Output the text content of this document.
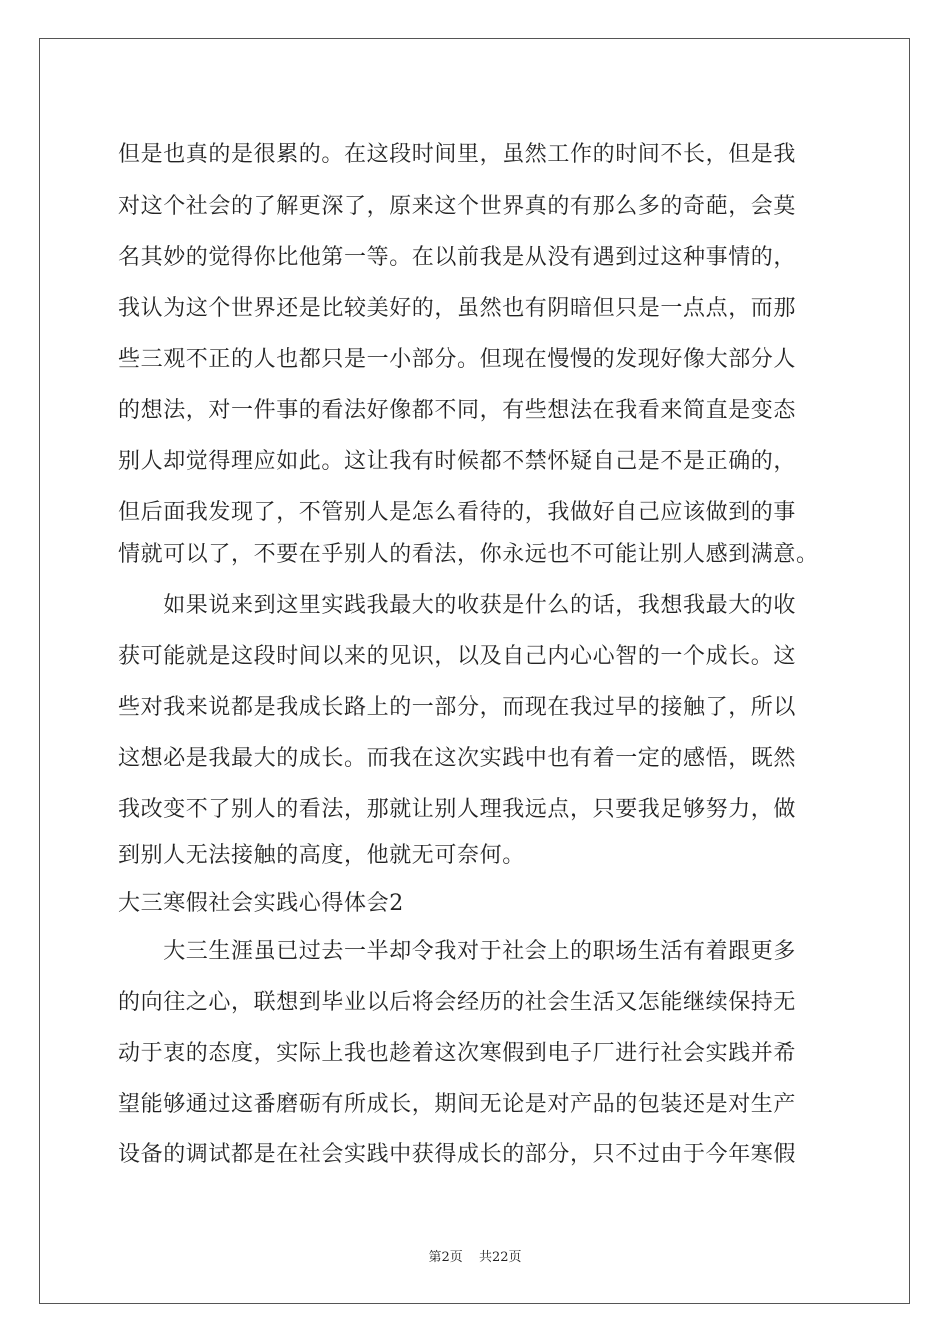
但是也真的是很累的。在这段时间里，虽然工作的时间不长，但是我
对这个社会的了解更深了，原来这个世界真的有那么多的奇葩，会莫
名其妙的觉得你比他第一等。在以前我是从没有遇到过这种事情的，
我认为这个世界还是比较美好的，虽然也有阴暗但只是一点点，而那
些三观不正的人也都只是一小部分。但现在慢慢的发现好像大部分人
的想法，对一件事的看法好像都不同，有些想法在我看来简直是变态
别人却觉得理应如此。这让我有时候都不禁怀疑自己是不是正确的，
但后面我发现了，不管别人是怎么看待的，我做好自己应该做到的事
情就可以了，不要在乎别人的看法，你永远也不可能让别人感到满意。
　　如果说来到这里实践我最大的收获是什么的话，我想我最大的收
获可能就是这段时间以来的见识，以及自己内心心智的一个成长。这
些对我来说都是我成长路上的一部分，而现在我过早的接触了，所以
这想必是我最大的成长。而我在这次实践中也有着一定的感悟，既然
我改变不了别人的看法，那就让别人理我远点，只要我足够努力，做
到别人无法接触的高度，他就无可奈何。
大三寒假社会实践心得体会2
　　大三生涯虽已过去一半却令我对于社会上的职场生活有着跟更多
的向往之心，联想到毕业以后将会经历的社会生活又怎能继续保持无
动于衷的态度，实际上我也趁着这次寒假到电子厂进行社会实践并希
望能够通过这番磨砺有所成长，期间无论是对产品的包装还是对生产
设备的调试都是在社会实践中获得成长的部分，只不过由于今年寒假
第2页 共22页
